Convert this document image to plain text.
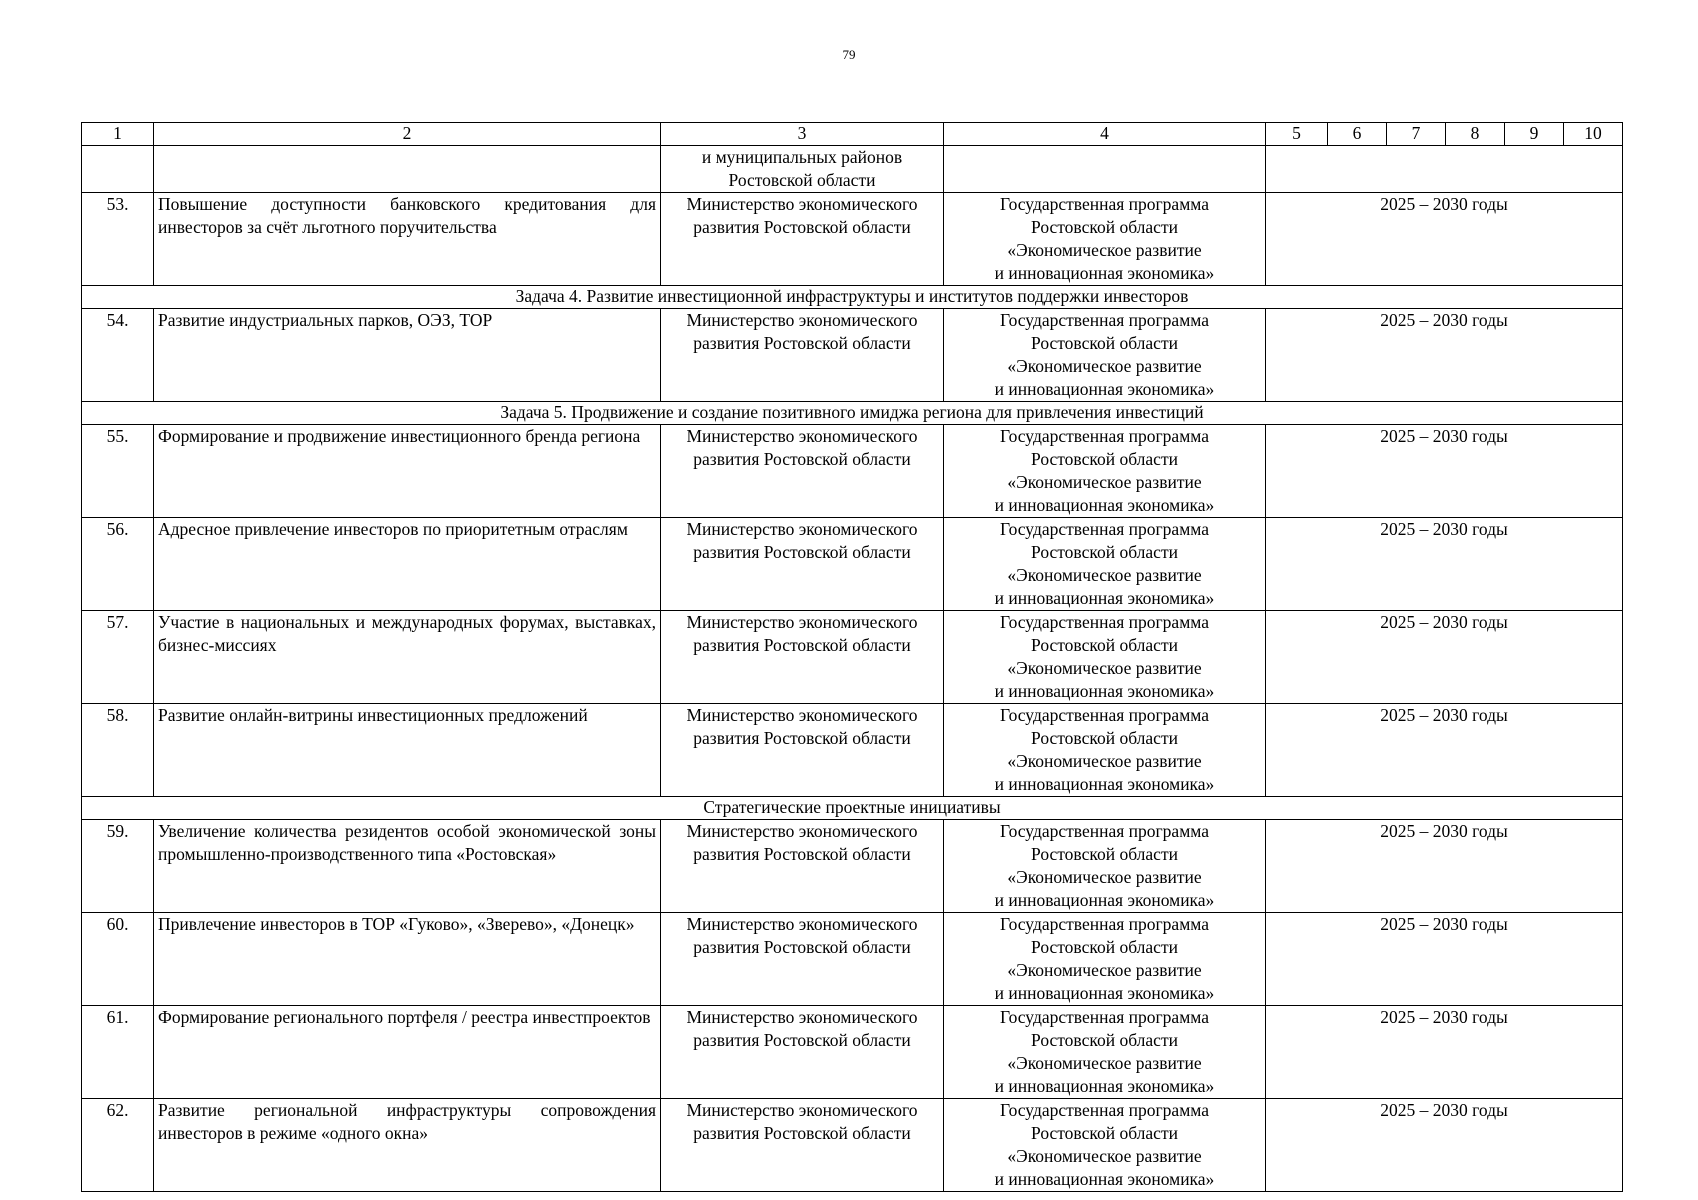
79
1	2	3	4	5	6	7	8	9	10

		и муниципальных районов
Ростовской области							

53.	Повышение доступности банковского кредитования для инвесторов за счёт льготного поручительства	Министерство экономического
развития Ростовской области	Государственная программа
Ростовской области
«Экономическое развитие
и инновационная экономика»	2025 – 2030 годы					
Задача 4. Развитие инвестиционной инфраструктуры и институтов поддержки инвесторов									
54.	Развитие индустриальных парков, ОЭЗ, ТОР	Министерство экономического
развития Ростовской области	Государственная программа
Ростовской области
«Экономическое развитие
и инновационная экономика»	2025 – 2030 годы					
Задача 5. Продвижение и создание позитивного имиджа региона для привлечения инвестиций									
55.	Формирование и продвижение инвестиционного бренда региона	Министерство экономического
развития Ростовской области	Государственная программа
Ростовской области
«Экономическое развитие
и инновационная экономика»	2025 – 2030 годы					
56.	Адресное привлечение инвесторов по приоритетным отраслям	Министерство экономического
развития Ростовской области	Государственная программа
Ростовской области
«Экономическое развитие
и инновационная экономика»	2025 – 2030 годы					
57.	Участие в национальных и международных форумах, выставках, бизнес-миссиях	Министерство экономического
развития Ростовской области	Государственная программа
Ростовской области
«Экономическое развитие
и инновационная экономика»	2025 – 2030 годы					
58.	Развитие онлайн-витрины инвестиционных предложений	Министерство экономического
развития Ростовской области	Государственная программа
Ростовской области
«Экономическое развитие
и инновационная экономика»	2025 – 2030 годы					
Стратегические проектные инициативы									
59.	Увеличение количества резидентов особой экономической зоны промышленно-производственного типа «Ростовская»	Министерство экономического
развития Ростовской области	Государственная программа
Ростовской области
«Экономическое развитие
и инновационная экономика»	2025 – 2030 годы					
60.	Привлечение инвесторов в ТОР «Гуково», «Зверево», «Донецк»	Министерство экономического
развития Ростовской области	Государственная программа
Ростовской области
«Экономическое развитие
и инновационная экономика»	2025 – 2030 годы					
61.	Формирование регионального портфеля / реестра инвестпроектов	Министерство экономического
развития Ростовской области	Государственная программа
Ростовской области
«Экономическое развитие
и инновационная экономика»	2025 – 2030 годы					
62.	Развитие региональной инфраструктуры сопровождения инвесторов в режиме «одного окна»	Министерство экономического
развития Ростовской области	Государственная программа
Ростовской области
«Экономическое развитие
и инновационная экономика»	2025 – 2030 годы					
